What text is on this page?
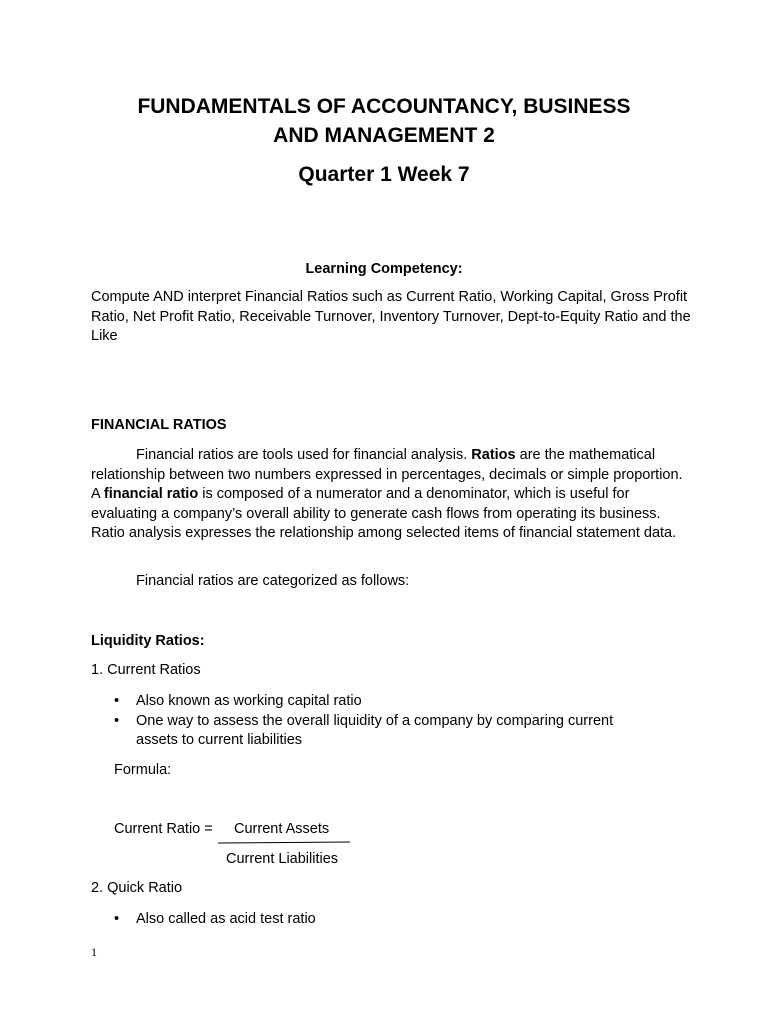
FUNDAMENTALS OF ACCOUNTANCY, BUSINESS
AND MANAGEMENT 2
Quarter 1 Week 7
Learning Competency:
Compute AND interpret Financial Ratios such as Current Ratio, Working Capital, Gross Profit Ratio, Net Profit Ratio, Receivable Turnover, Inventory Turnover, Dept-to-Equity Ratio and the Like
FINANCIAL RATIOS
Financial ratios are tools used for financial analysis. Ratios are the mathematical relationship between two numbers expressed in percentages, decimals or simple proportion. A financial ratio is composed of a numerator and a denominator, which is useful for evaluating a company’s overall ability to generate cash flows from operating its business. Ratio analysis expresses the relationship among selected items of financial statement data.
Financial ratios are categorized as follows:
Liquidity Ratios:
1. Current Ratios
• Also known as working capital ratio
• One way to assess the overall liquidity of a company by comparing current assets to current liabilities
Formula:
Current Ratio = Current Assets
Current Liabilities
2. Quick Ratio
• Also called as acid test ratio
1
